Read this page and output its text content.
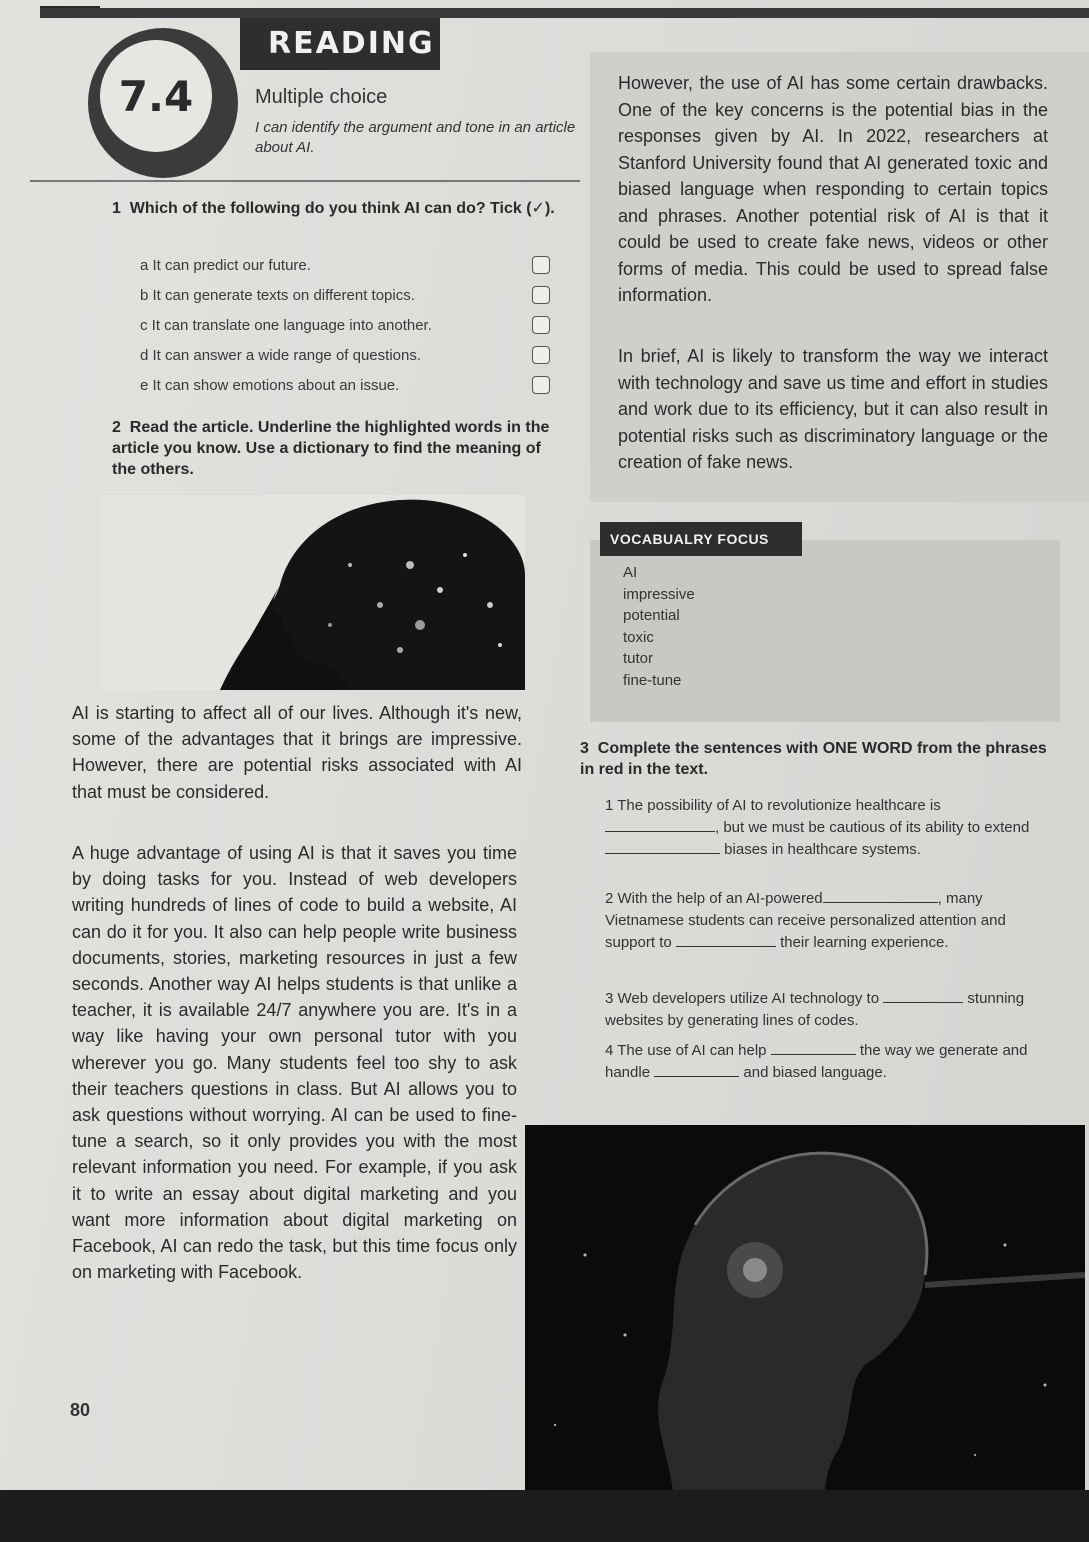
READING
7.4	Multiple choice
I can identify the argument and tone in an article about AI.
However, the use of AI has some certain drawbacks. One of the key concerns is the potential bias in the responses given by AI. In 2022, researchers at Stanford University found that AI generated toxic and biased language when responding to certain topics and phrases. Another potential risk of AI is that it could be used to create fake news, videos or other forms of media. This could be used to spread false information.
In brief, AI is likely to transform the way we interact with technology and save us time and effort in studies and work due to its efficiency, but it can also result in potential risks such as discriminatory language or the creation of fake news.
1 Which of the following do you think AI can do? Tick (✓).
a It can predict our future.
b It can generate texts on different topics.
c It can translate one language into another.
d It can answer a wide range of questions.
e It can show emotions about an issue.
2 Read the article. Underline the highlighted words in the article you know. Use a dictionary to find the meaning of the others.
AI is starting to affect all of our lives. Although it's new, some of the advantages that it brings are impressive. However, there are potential risks associated with AI that must be considered.
A huge advantage of using AI is that it saves you time by doing tasks for you. Instead of web developers writing hundreds of lines of code to build a website, AI can do it for you. It also can help people write business documents, stories, marketing resources in just a few seconds. Another way AI helps students is that unlike a teacher, it is available 24/7 anywhere you are. It's in a way like having your own personal tutor with you wherever you go. Many students feel too shy to ask their teachers questions in class. But AI allows you to ask questions without worrying. AI can be used to fine-tune a search, so it only provides you with the most relevant information you need. For example, if you ask it to write an essay about digital marketing and you want more information about digital marketing on Facebook, AI can redo the task, but this time focus only on marketing with Facebook.
VOCABUALRY FOCUS
AI
impressive
potential
toxic
tutor
fine-tune
3 Complete the sentences with ONE WORD from the phrases in red in the text.
1 The possibility of AI to revolutionize healthcare is , but we must be cautious of its ability to extend  biases in healthcare systems.
2 With the help of an AI-powered	, many Vietnamese students can receive personalized attention and support to	their learning experience.
3 Web developers utilize AI technology to	stunning websites by generating lines of codes.
4 The use of AI can help	the way we generate and handle	and biased language.
80
